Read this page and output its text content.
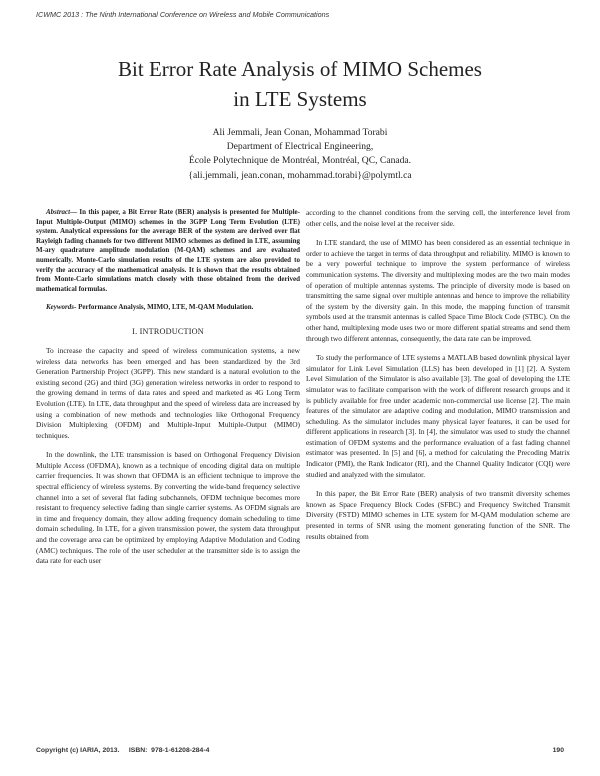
ICWMC 2013 : The Ninth International Conference on Wireless and Mobile Communications
Bit Error Rate Analysis of MIMO Schemes
in LTE Systems
Ali Jemmali, Jean Conan, Mohammad Torabi
Department of Electrical Engineering,
École Polytechnique de Montréal, Montréal, QC, Canada.
{ali.jemmali, jean.conan, mohammad.torabi}@polymtl.ca

Abstract— In this paper, a Bit Error Rate (BER) analysis is presented for Multiple-Input Multiple-Output (MIMO) schemes in the 3GPP Long Term Evolution (LTE) system. Analytical expressions for the average BER of the system are derived over flat Rayleigh fading channels for two different MIMO schemes as defined in LTE, assuming M-ary quadrature amplitude modulation (M-QAM) schemes and are evaluated numerically. Monte-Carlo simulation results of the LTE system are also provided to verify the accuracy of the mathematical analysis. It is shown that the results obtained from Monte-Carlo simulations match closely with those obtained from the derived mathematical formulas.

Keywords- Performance Analysis, MIMO, LTE, M-QAM Modulation.

I. INTRODUCTION

To increase the capacity and speed of wireless communication systems, a new wireless data networks has been emerged and has been standardized by the 3rd Generation Partnership Project (3GPP). This new standard is a natural evolution to the existing second (2G) and third (3G) generation wireless networks in order to respond to the growing demand in terms of data rates and speed and marketed as 4G Long Term Evolution (LTE). In LTE, data throughput and the speed of wireless data are increased by using a combination of new methods and technologies like Orthogonal Frequency Division Multiplexing (OFDM) and Multiple-Input Multiple-Output (MIMO) techniques.

In the downlink, the LTE transmission is based on Orthogonal Frequency Division Multiple Access (OFDMA), known as a technique of encoding digital data on multiple carrier frequencies. It was shown that OFDMA is an efficient technique to improve the spectral efficiency of wireless systems. By converting the wide-band frequency selective channel into a set of several flat fading subchannels, OFDM technique becomes more resistant to frequency selective fading than single carrier systems. As OFDM signals are in time and frequency domain, they allow adding frequency domain scheduling to time domain scheduling. In LTE, for a given transmission power, the system data throughput and the coverage area can be optimized by employing Adaptive Modulation and Coding (AMC) techniques. The role of the user scheduler at the transmitter side is to assign the data rate for each user

according to the channel conditions from the serving cell, the interference level from other cells, and the noise level at the receiver side.

In LTE standard, the use of MIMO has been considered as an essential technique in order to achieve the target in terms of data throughput and reliability. MIMO is known to be a very powerful technique to improve the system performance of wireless communication systems. The diversity and multiplexing modes are the two main modes of operation of multiple antennas systems. The principle of diversity mode is based on transmitting the same signal over multiple antennas and hence to improve the reliability of the system by the diversity gain. In this mode, the mapping function of transmit symbols used at the transmit antennas is called Space Time Block Code (STBC). On the other hand, multiplexing mode uses two or more different spatial streams and send them through two different antennas, consequently, the data rate can be improved.

To study the performance of LTE systems a MATLAB based downlink physical layer simulator for Link Level Simulation (LLS) has been developed in [1] [2]. A System Level Simulation of the Simulator is also available [3]. The goal of developing the LTE simulator was to facilitate comparison with the work of different research groups and it is publicly available for free under academic non-commercial use license [2]. The main features of the simulator are adaptive coding and modulation, MIMO transmission and scheduling. As the simulator includes many physical layer features, it can be used for different applications in research [3]. In [4], the simulator was used to study the channel estimation of OFDM systems and the performance evaluation of a fast fading channel estimator was presented. In [5] and [6], a method for calculating the Precoding Matrix Indicator (PMI), the Rank Indicator (RI), and the Channel Quality Indicator (CQI) were studied and analyzed with the simulator.

In this paper, the Bit Error Rate (BER) analysis of two transmit diversity schemes known as Space Frequency Block Codes (SFBC) and Frequency Switched Transmit Diversity (FSTD) MIMO schemes in LTE system for M-QAM modulation scheme are presented in terms of SNR using the moment generating function of the SNR. The results obtained from

Copyright (c) IARIA, 2013.     ISBN:  978-1-61208-284-4	190
